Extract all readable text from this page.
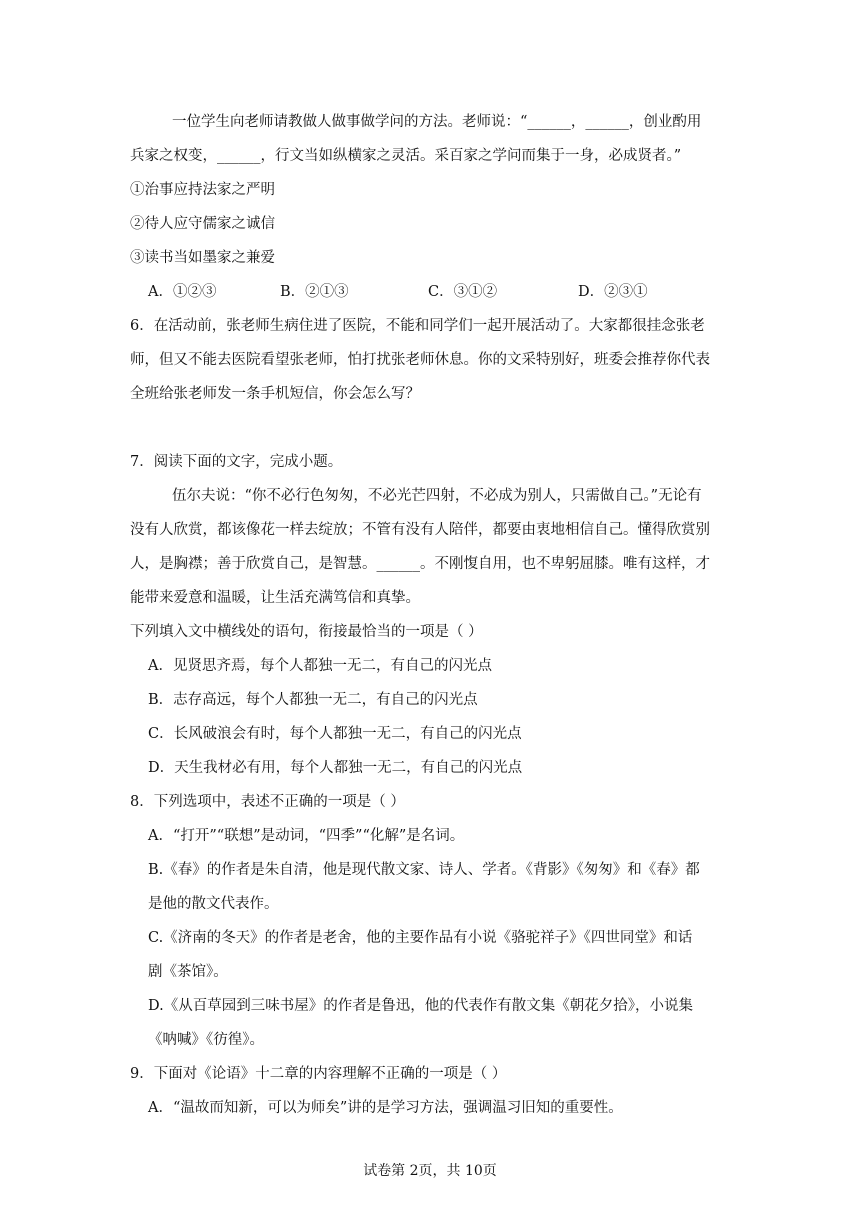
一位学生向老师请教做人做事做学问的方法。老师说：“______，______，创业酌用
兵家之权变，______，行文当如纵横家之灵活。采百家之学问而集于一身，必成贤者。”
①治事应持法家之严明
②待人应守儒家之诚信
③读书当如墨家之兼爱
A．①②③	B．②①③	C．③①②	D．②③①
6．在活动前，张老师生病住进了医院，不能和同学们一起开展活动了。大家都很挂念张老
师，但又不能去医院看望张老师，怕打扰张老师休息。你的文采特别好，班委会推荐你代表
全班给张老师发一条手机短信，你会怎么写？
7．阅读下面的文字，完成小题。
伍尔夫说：“你不必行色匆匆，不必光芒四射，不必成为别人，只需做自己。”无论有
没有人欣赏，都该像花一样去绽放；不管有没有人陪伴，都要由衷地相信自己。懂得欣赏别
人，是胸襟；善于欣赏自己，是智慧。______。不刚愎自用，也不卑躬屈膝。唯有这样，才
能带来爱意和温暖，让生活充满笃信和真挚。
下列填入文中横线处的语句，衔接最恰当的一项是（ ）
A．见贤思齐焉，每个人都独一无二，有自己的闪光点
B．志存高远，每个人都独一无二，有自己的闪光点
C．长风破浪会有时，每个人都独一无二，有自己的闪光点
D．天生我材必有用，每个人都独一无二，有自己的闪光点
8．下列选项中，表述不正确的一项是（ ）
A．“打开”“联想”是动词，“四季”“化解”是名词。
B.《春》的作者是朱自清，他是现代散文家、诗人、学者。《背影》《匆匆》和《春》都
是他的散文代表作。
C.《济南的冬天》的作者是老舍，他的主要作品有小说《骆驼祥子》《四世同堂》和话
剧《茶馆》。
D.《从百草园到三味书屋》的作者是鲁迅，他的代表作有散文集《朝花夕拾》，小说集
《呐喊》《彷徨》。
9．下面对《论语》十二章的内容理解不正确的一项是（ ）
A．“温故而知新，可以为师矣”讲的是学习方法，强调温习旧知的重要性。
试卷第 2页，共 10页
